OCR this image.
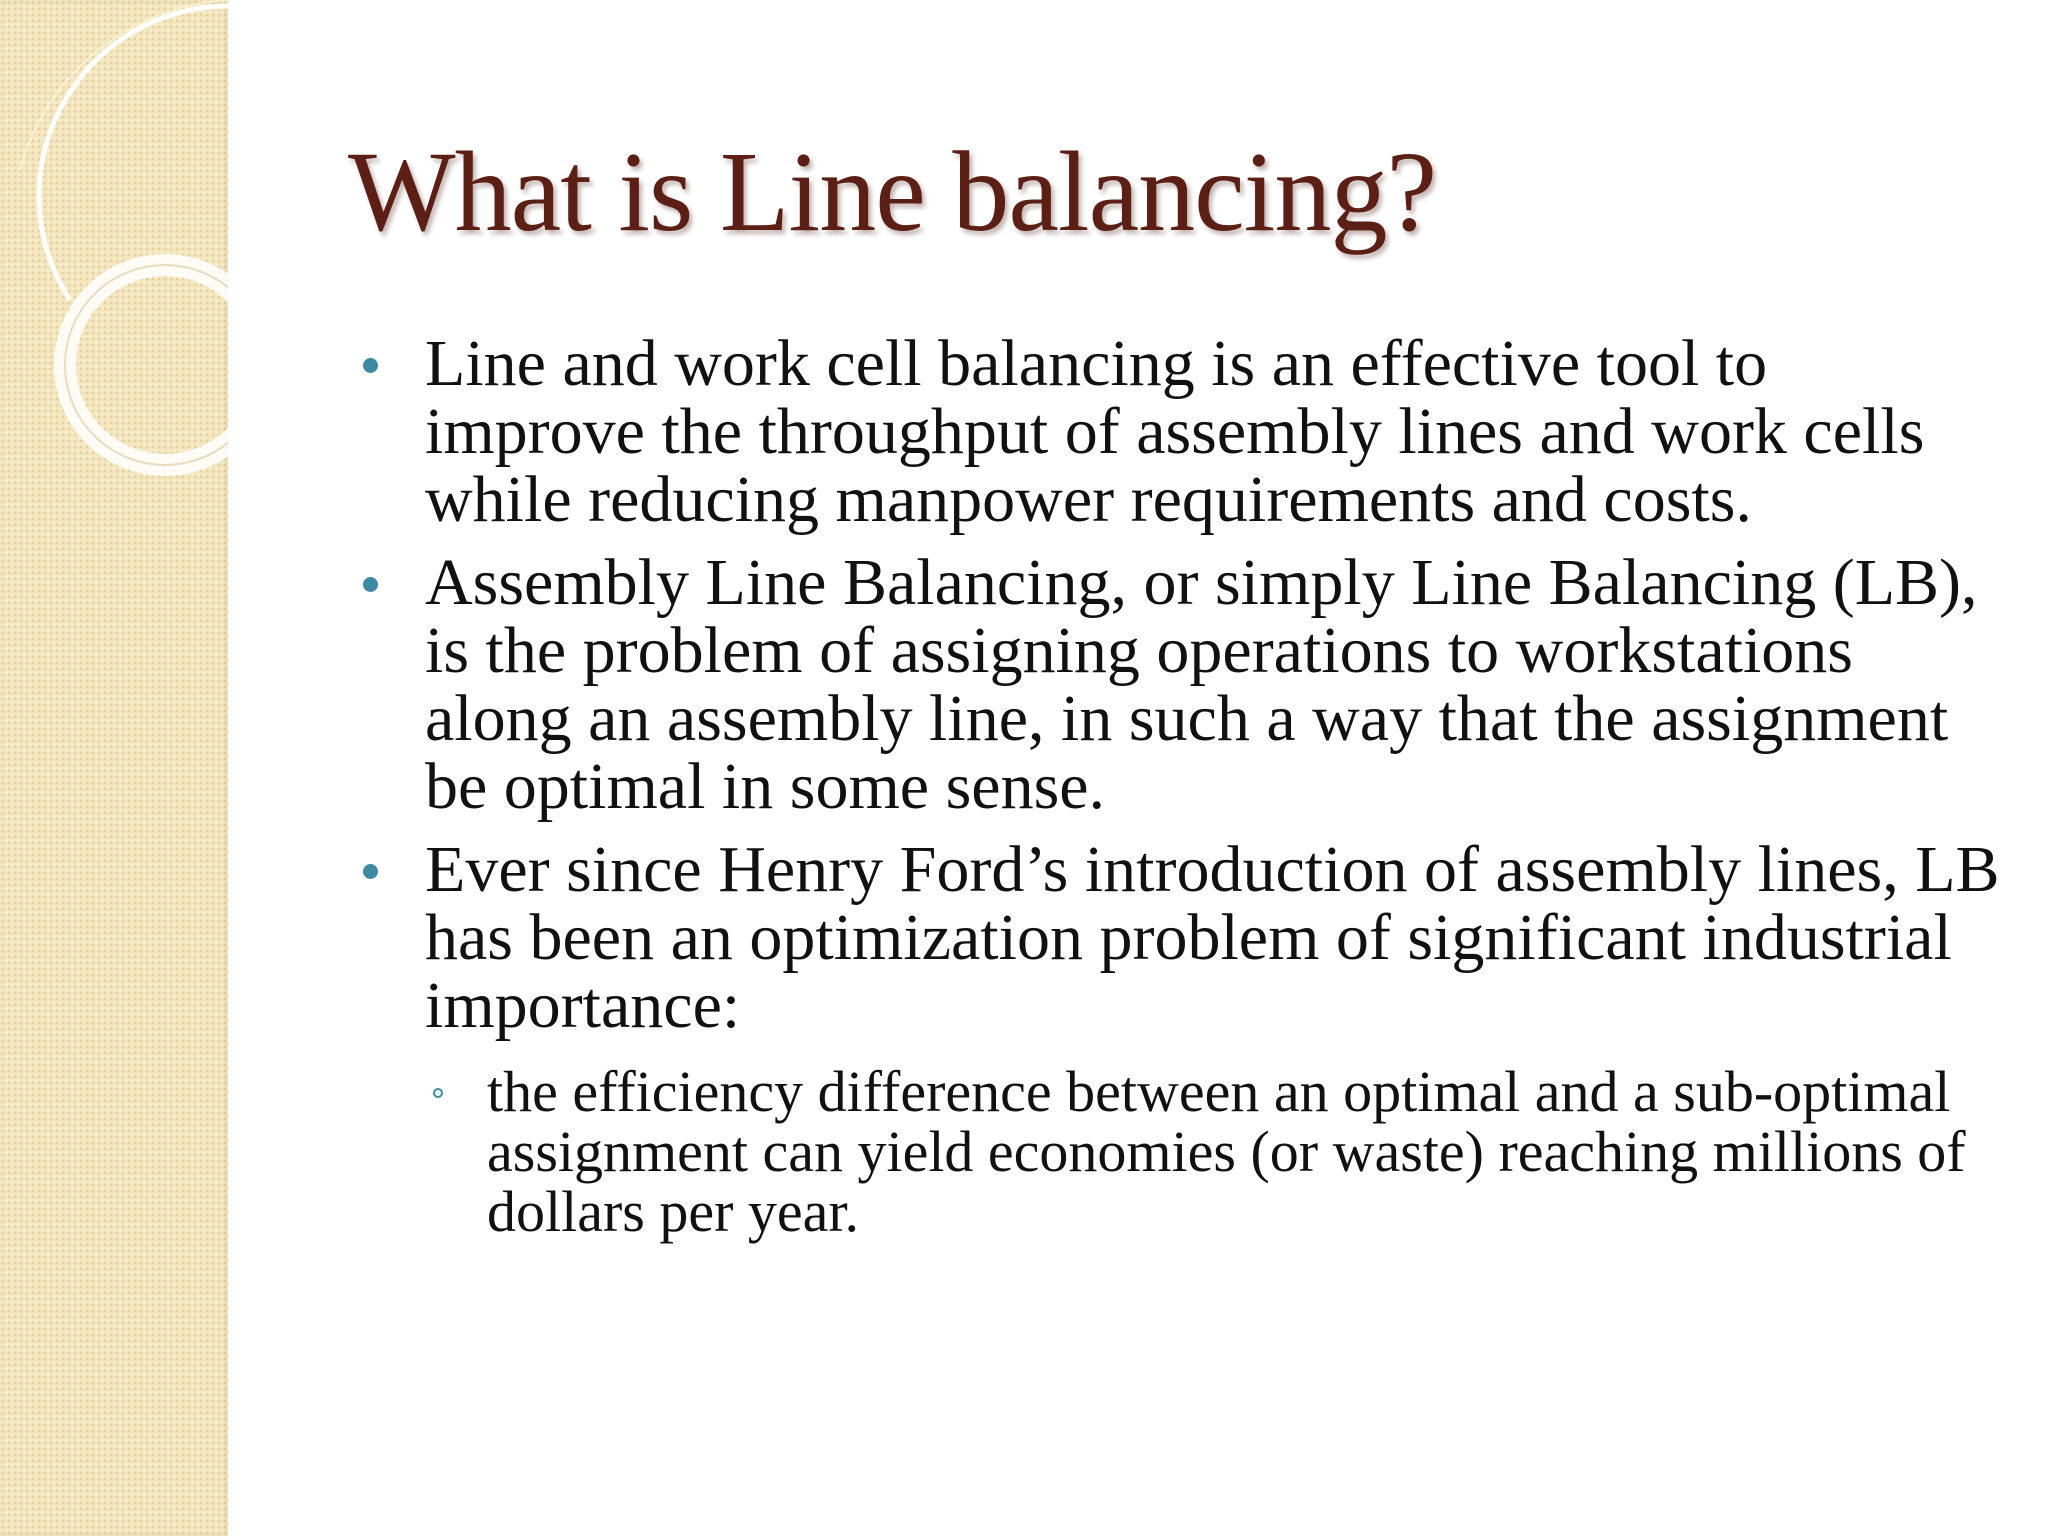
What is Line balancing?
Line and work cell balancing is an effective tool to improve the throughput of assembly lines and work cells while reducing manpower requirements and costs.
Assembly Line Balancing, or simply Line Balancing (LB), is the problem of assigning operations to workstations along an assembly line, in such a way that the assignment be optimal in some sense.
Ever since Henry Ford’s introduction of assembly lines, LB has been an optimization problem of significant industrial importance:
the efficiency difference between an optimal and a sub-optimal assignment can yield economies (or waste) reaching millions of dollars per year.
